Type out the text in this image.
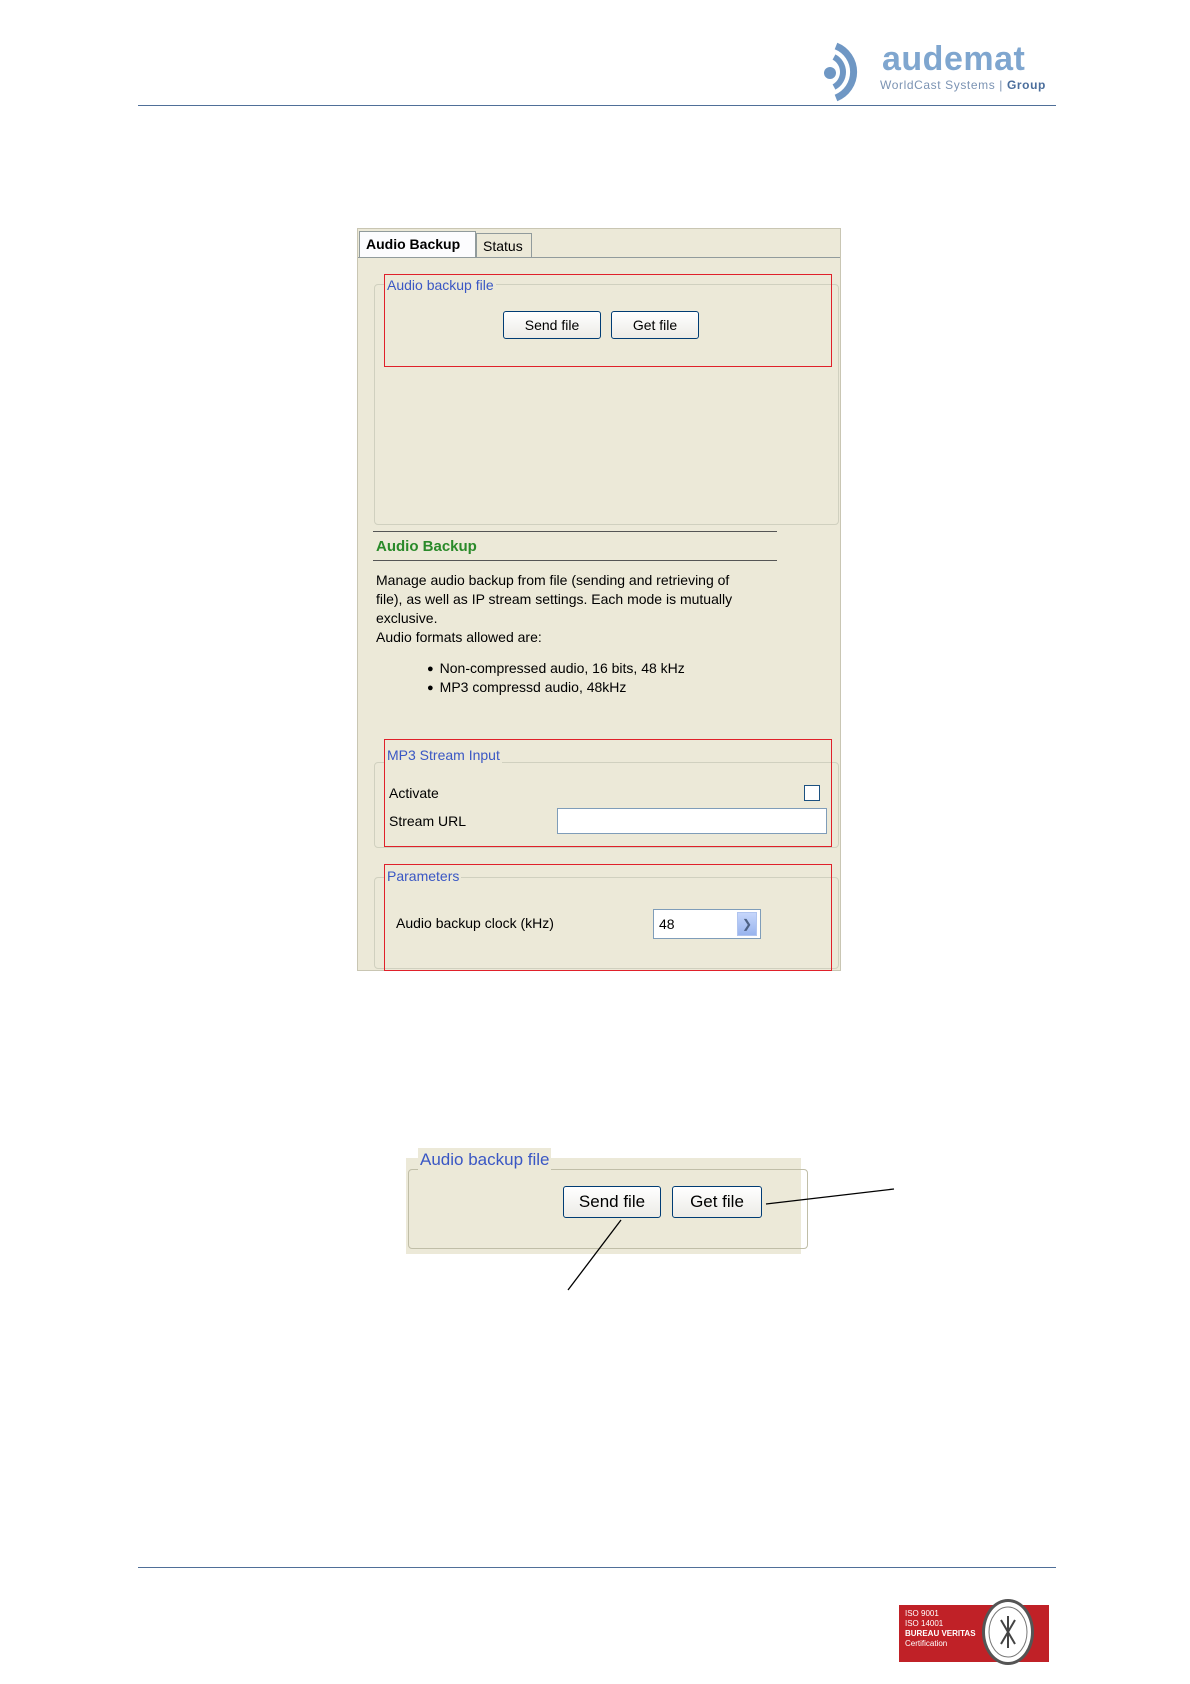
audemat
WorldCast Systems | Group
Audio Backup	Status
Audio backup file
Send file	Get file
Audio Backup
Manage audio backup from file (sending and retrieving of
file), as well as IP stream settings. Each mode is mutually
exclusive.
Audio formats allowed are:
● Non-compressed audio, 16 bits, 48 kHz
● MP3 compressd audio, 48kHz
MP3 Stream Input
Activate
Stream URL
Parameters
Audio backup clock (kHz)	48	❯
Audio backup file
Send file	Get file
ISO 9001
ISO 14001
BUREAU VERITAS
Certification
